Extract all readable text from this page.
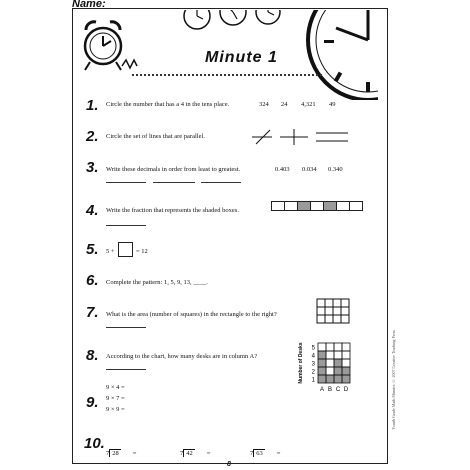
Name:
Minute 1
1. Circle the number that has a 4 in the tens place.	324 24 4,321 49
2. Circle the set of lines that are parallel.
3. Write these decimals in order from least to greatest.	0.403 0.034 0.340
4. Write the fraction that represents the shaded boxes.
5. 5 +	= 12
6. Complete the pattern: 1, 5, 9, 13, ____.
7. What is the area (number of squares) in the rectangle to the right?
8. According to the chart, how many desks are in column A?
1
2
3
4
5
A B C D
Number of Desks
9.
9 × 4 =
9 × 7 =
9 × 9 =
10.
7 28 =	7 42 =	7 63 =
8
Fourth Grade Math Minutes © 2007 Creative Teaching Press
